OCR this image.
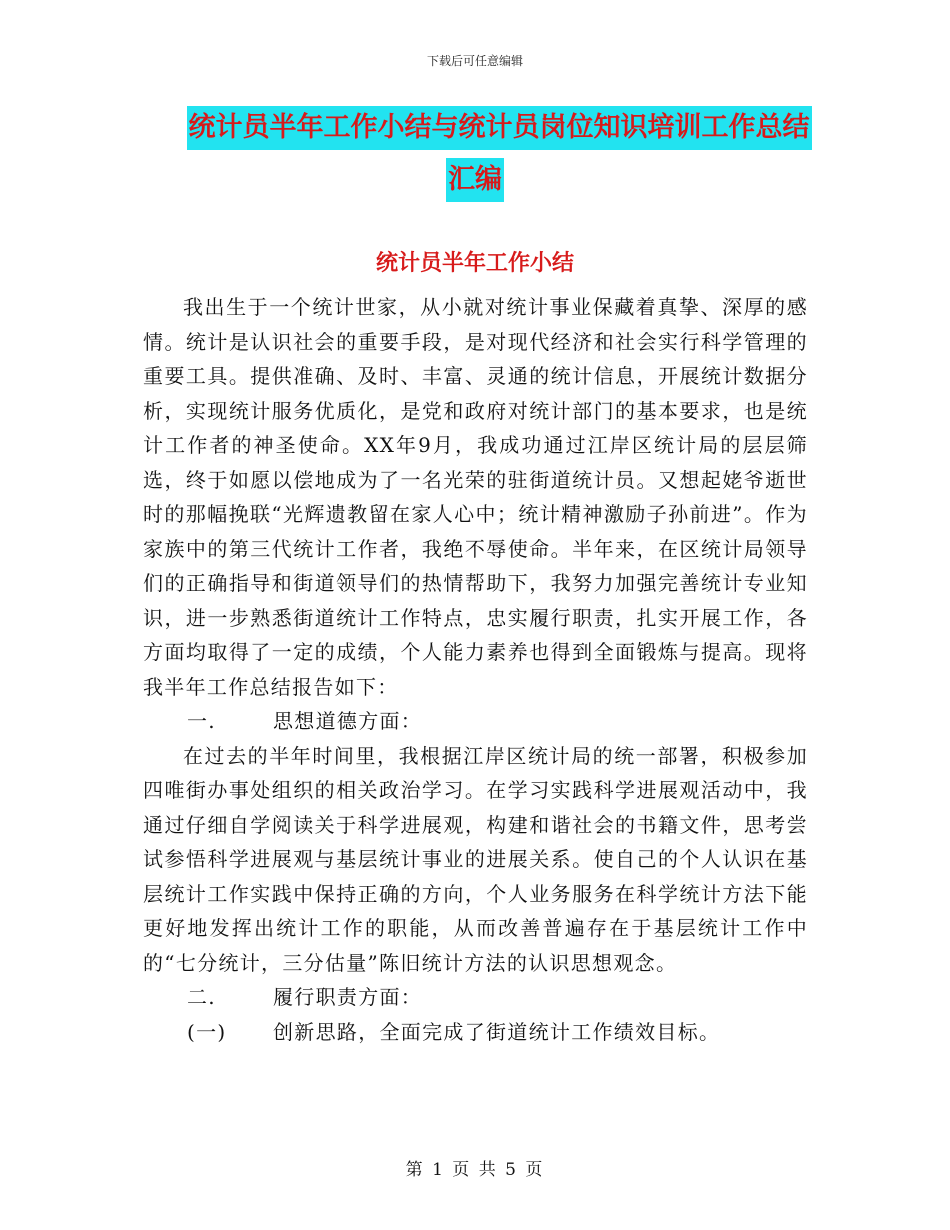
下载后可任意编辑
统计员半年工作小结与统计员岗位知识培训工作总结
汇编
统计员半年工作小结

我出生于一个统计世家，从小就对统计事业保藏着真挚、深厚的感情。统计是认识社会的重要手段，是对现代经济和社会实行科学管理的重要工具。提供准确、及时、丰富、灵通的统计信息，开展统计数据分析，实现统计服务优质化，是党和政府对统计部门的基本要求，也是统计工作者的神圣使命。XX年9月，我成功通过江岸区统计局的层层筛选，终于如愿以偿地成为了一名光荣的驻街道统计员。又想起姥爷逝世时的那幅挽联“光辉遗教留在家人心中；统计精神激励子孙前进”。作为家族中的第三代统计工作者，我绝不辱使命。半年来，在区统计局领导们的正确指导和街道领导们的热情帮助下，我努力加强完善统计专业知识，进一步熟悉街道统计工作特点，忠实履行职责，扎实开展工作，各方面均取得了一定的成绩，个人能力素养也得到全面锻炼与提高。现将我半年工作总结报告如下：

一.	思想道德方面：

在过去的半年时间里，我根据江岸区统计局的统一部署，积极参加四唯街办事处组织的相关政治学习。在学习实践科学进展观活动中，我通过仔细自学阅读关于科学进展观，构建和谐社会的书籍文件，思考尝试参悟科学进展观与基层统计事业的进展关系。使自己的个人认识在基层统计工作实践中保持正确的方向，个人业务服务在科学统计方法下能更好地发挥出统计工作的职能，从而改善普遍存在于基层统计工作中的“七分统计，三分估量”陈旧统计方法的认识思想观念。

二.	履行职责方面：

(一) 创新思路，全面完成了街道统计工作绩效目标。

第 1 页 共 5 页
